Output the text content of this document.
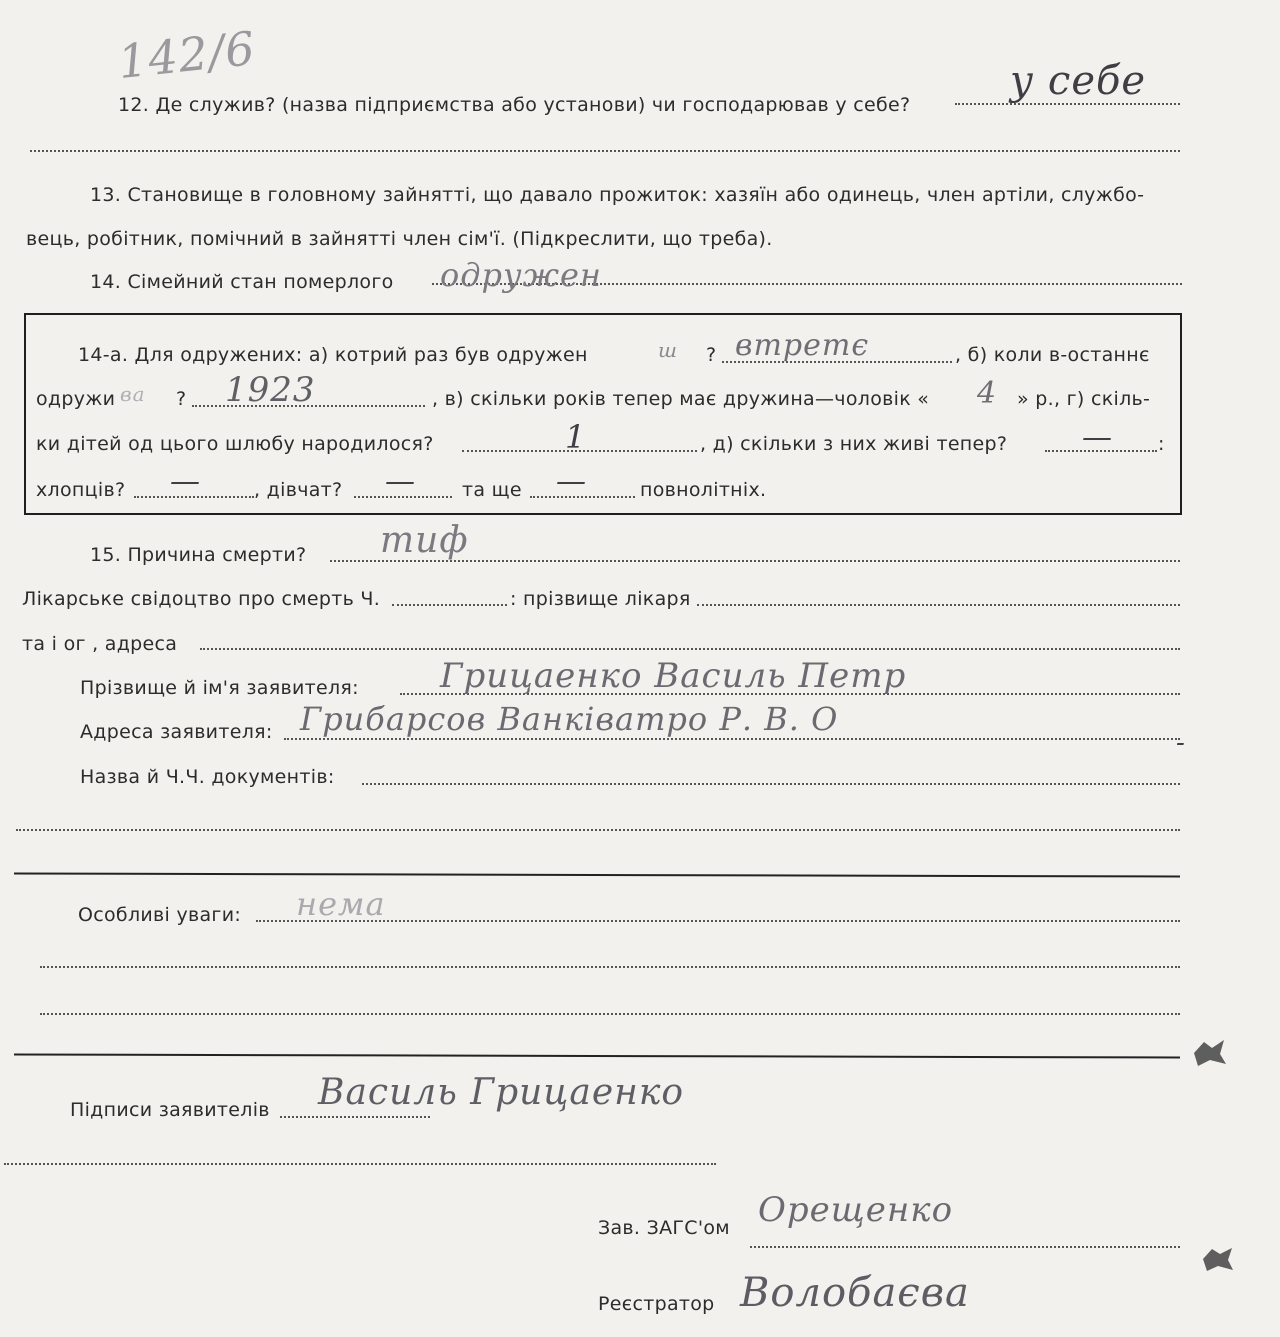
142/6
12. Де служив? (назва підприємства або установи) чи господарював у себе?
у себе
13. Становище в головному зайнятті, що давало прожиток: хазяїн або одинець, член артіли, службо-
вець, робітник, помічний в зайнятті член сім'ї. (Підкреслити, що треба).
14. Сімейний стан померлого одружен
14-а. Для одружених: а) котрий раз був одружен	ш ? втретє	, б) коли в-останнє
одружи ва ? 1923	, в) скільки років тепер має дружина—чоловік « 4 » р., г) скіль-
ки дітей од цього шлюбу народилося?	1	, д) скільки з них живі тепер? — :
хлопців? —	, дівчат? — та ще —	повнолітніх.
15. Причина смерти? тиф
Лікарське свідоцтво про смерть Ч.	: прізвище лікаря
та і ог , адреса
Прізвище й ім'я заявителя: Грицаенко Василь Петр
Адреса заявителя: Грибарсов Ванківатро Р. В. О
Назва й Ч.Ч. документів:
Особливі уваги: нема
Підписи заявителів Василь Грицаенко
Зав. ЗАГС'ом Орещенко
Реєстратор Волобаєва
-
